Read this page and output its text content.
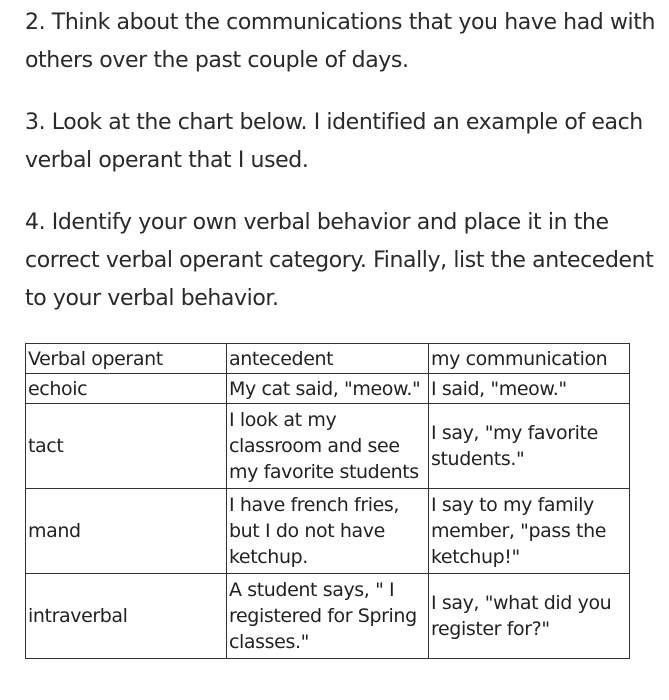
2. Think about the communications that you have had with others over the past couple of days.

3. Look at the chart below. I identified an example of each verbal operant that I used.

4. Identify your own verbal behavior and place it in the correct verbal operant category. Finally, list the antecedent to your verbal behavior.

Verbal operant	antecedent	my communication
echoic	My cat said, "meow."	I said, "meow."
tact	I look at my classroom and see my favorite students	I say, "my favorite students."
mand	I have french fries, but I do not have ketchup.	I say to my family member, "pass the ketchup!"
intraverbal	A student says, " I registered for Spring classes."	I say, "what did you register for?"
